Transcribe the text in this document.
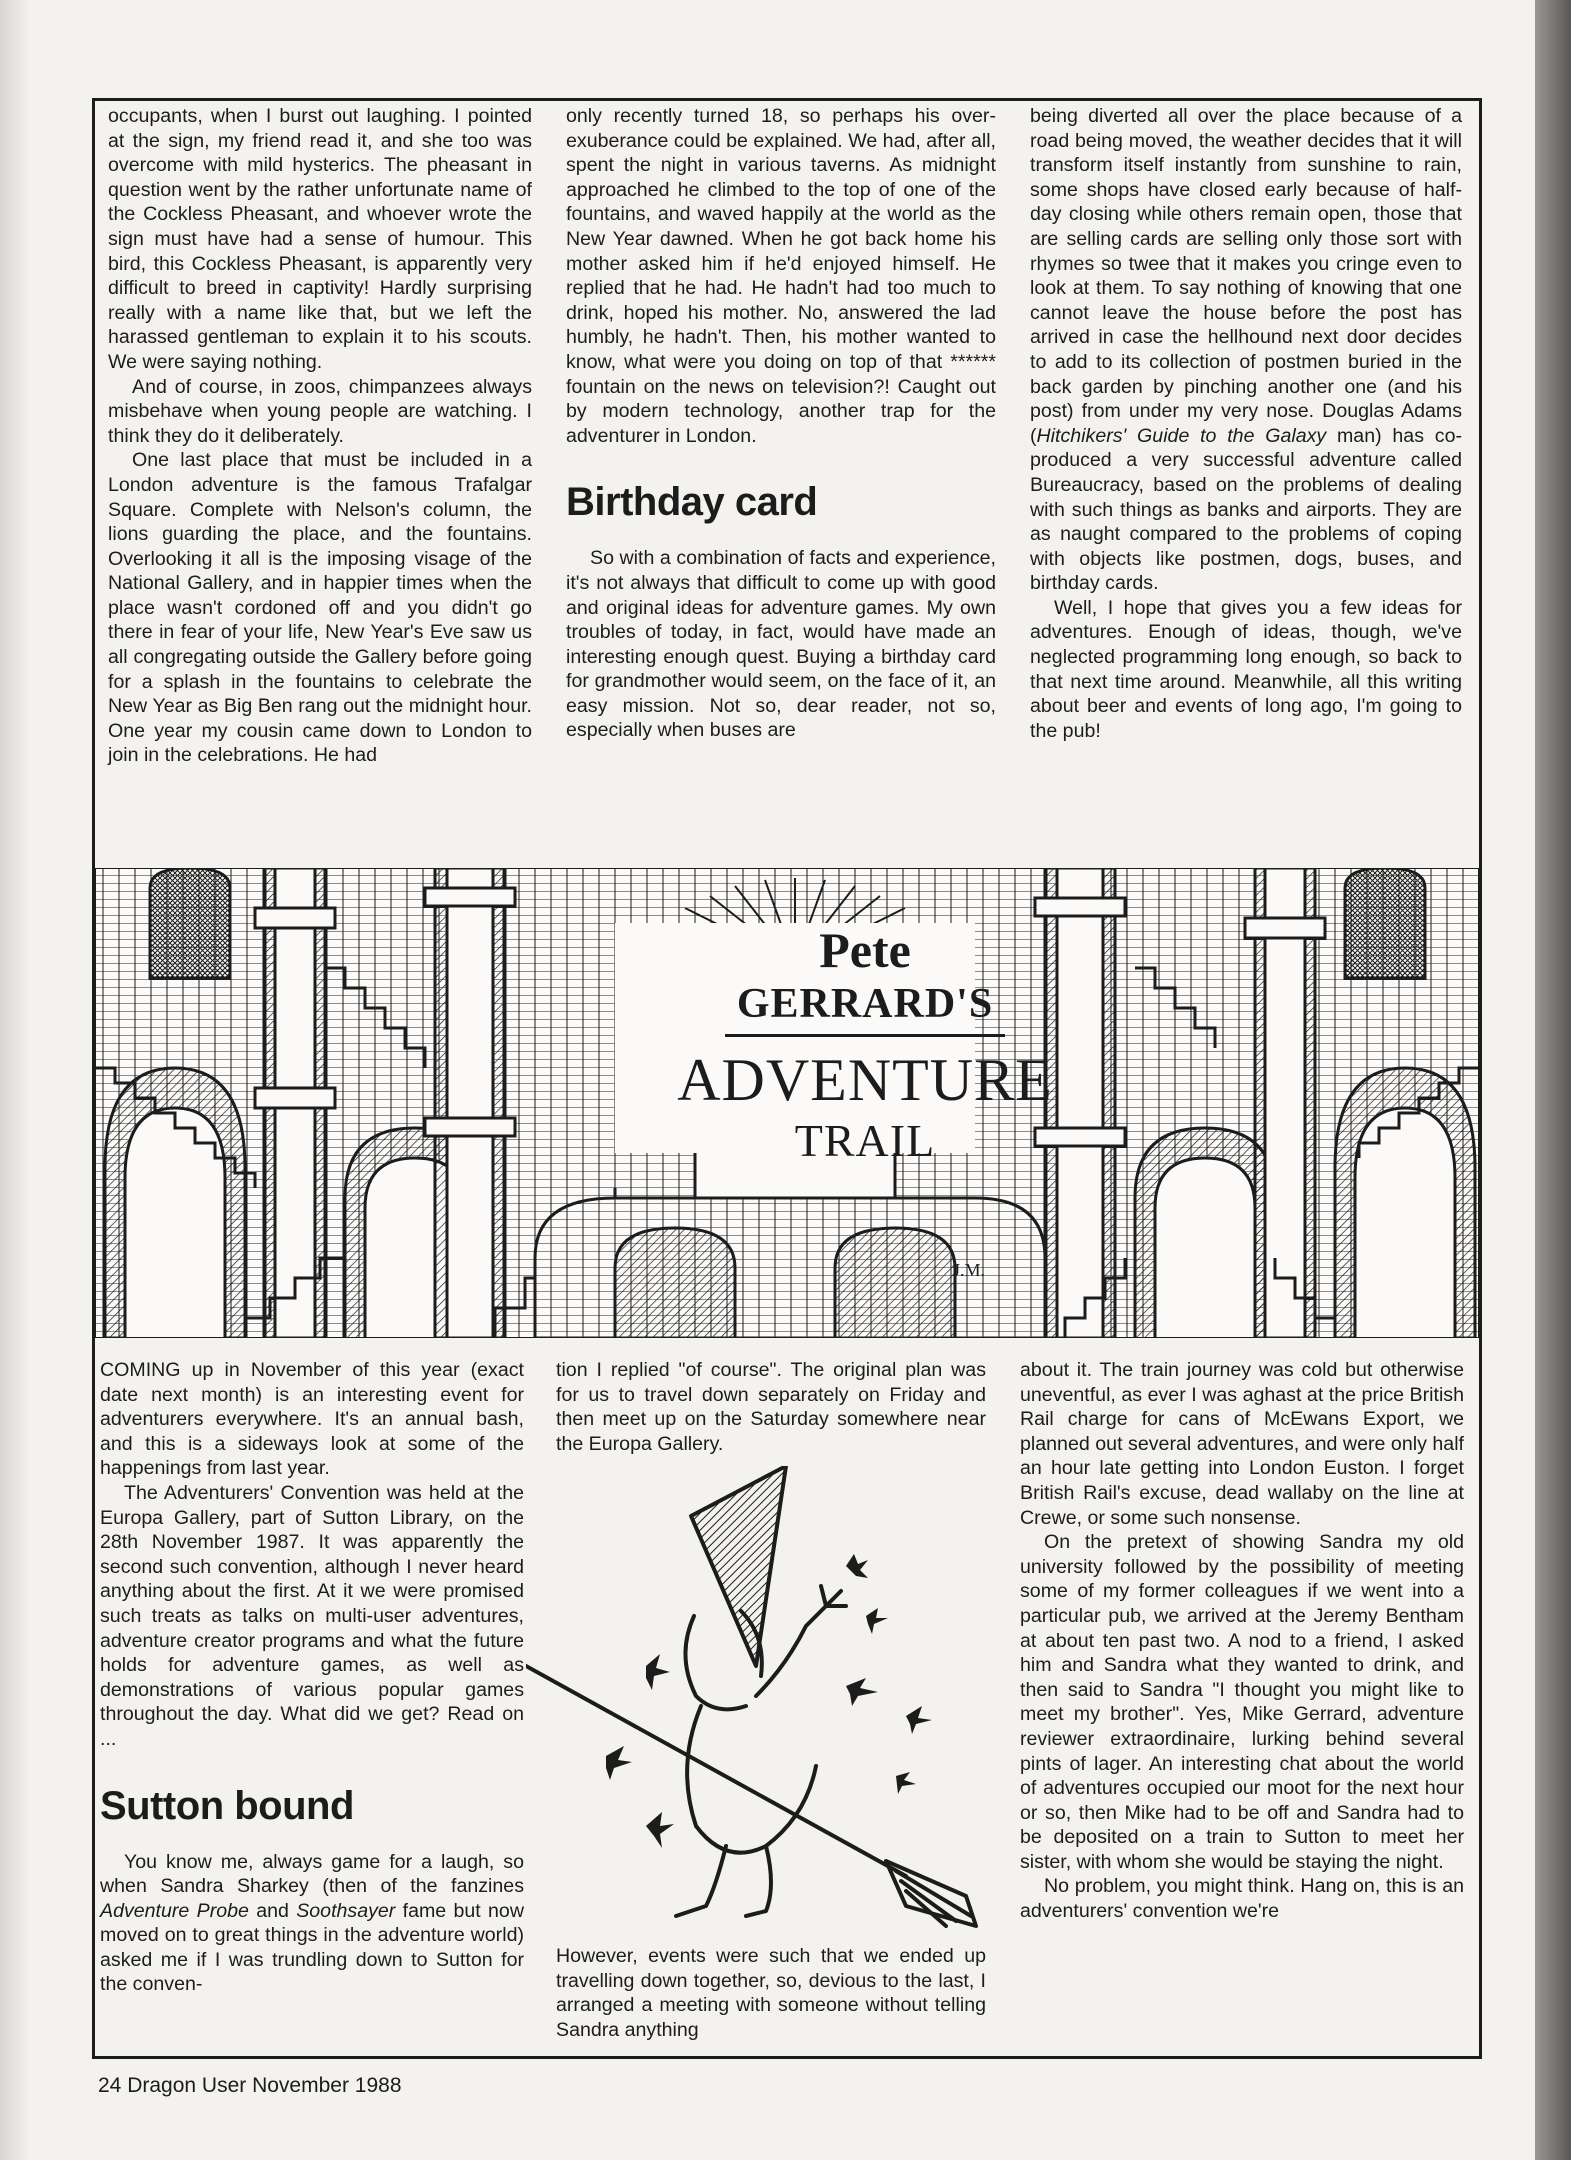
occupants, when I burst out laughing. I pointed at the sign, my friend read it, and she too was overcome with mild hysterics. The pheasant in question went by the rather unfortunate name of the Cockless Pheasant, and whoever wrote the sign must have had a sense of humour. This bird, this Cockless Pheasant, is apparently very difficult to breed in captivity! Hardly surprising really with a name like that, but we left the harassed gentleman to explain it to his scouts. We were saying nothing.

And of course, in zoos, chimpanzees always misbehave when young people are watching. I think they do it deliberately.

One last place that must be included in a London adventure is the famous Trafalgar Square. Complete with Nelson's column, the lions guarding the place, and the fountains. Overlooking it all is the imposing visage of the National Gallery, and in happier times when the place wasn't cordoned off and you didn't go there in fear of your life, New Year's Eve saw us all congregating outside the Gallery before going for a splash in the fountains to celebrate the New Year as Big Ben rang out the midnight hour. One year my cousin came down to London to join in the celebrations. He had

only recently turned 18, so perhaps his over-exuberance could be explained. We had, after all, spent the night in various taverns. As midnight approached he climbed to the top of one of the fountains, and waved happily at the world as the New Year dawned. When he got back home his mother asked him if he'd enjoyed himself. He replied that he had. He hadn't had too much to drink, hoped his mother. No, answered the lad humbly, he hadn't. Then, his mother wanted to know, what were you doing on top of that ****** fountain on the news on television?! Caught out by modern technology, another trap for the adventurer in London.

Birthday card

So with a combination of facts and experience, it's not always that difficult to come up with good and original ideas for adventure games. My own troubles of today, in fact, would have made an interesting enough quest. Buying a birthday card for grandmother would seem, on the face of it, an easy mission. Not so, dear reader, not so, especially when buses are

being diverted all over the place because of a road being moved, the weather decides that it will transform itself instantly from sunshine to rain, some shops have closed early because of half-day closing while others remain open, those that are selling cards are selling only those sort with rhymes so twee that it makes you cringe even to look at them. To say nothing of knowing that one cannot leave the house before the post has arrived in case the hellhound next door decides to add to its collection of postmen buried in the back garden by pinching another one (and his post) from under my very nose. Douglas Adams (Hitchikers' Guide to the Galaxy man) has co-produced a very successful adventure called Bureaucracy, based on the problems of dealing with such things as banks and airports. They are as naught compared to the problems of coping with objects like postmen, dogs, buses, and birthday cards.

Well, I hope that gives you a few ideas for adventures. Enough of ideas, though, we've neglected programming long enough, so back to that next time around. Meanwhile, all this writing about beer and events of long ago, I'm going to the pub!

Pete
GERRARD'S
ADVENTURE
TRAIL
J.M.

COMING up in November of this year (exact date next month) is an interesting event for adventurers everywhere. It's an annual bash, and this is a sideways look at some of the happenings from last year.

The Adventurers' Convention was held at the Europa Gallery, part of Sutton Library, on the 28th November 1987. It was apparently the second such convention, although I never heard anything about the first. At it we were promised such treats as talks on multi-user adventures, adventure creator programs and what the future holds for adventure games, as well as demonstrations of various popular games throughout the day. What did we get? Read on ...

Sutton bound

You know me, always game for a laugh, so when Sandra Sharkey (then of the fanzines Adventure Probe and Soothsayer fame but now moved on to great things in the adventure world) asked me if I was trundling down to Sutton for the conven-

tion I replied "of course". The original plan was for us to travel down separately on Friday and then meet up on the Saturday somewhere near the Europa Gallery.

However, events were such that we ended up travelling down together, so, devious to the last, I arranged a meeting with someone without telling Sandra anything

about it. The train journey was cold but otherwise uneventful, as ever I was aghast at the price British Rail charge for cans of McEwans Export, we planned out several adventures, and were only half an hour late getting into London Euston. I forget British Rail's excuse, dead wallaby on the line at Crewe, or some such nonsense.

On the pretext of showing Sandra my old university followed by the possibility of meeting some of my former colleagues if we went into a particular pub, we arrived at the Jeremy Bentham at about ten past two. A nod to a friend, I asked him and Sandra what they wanted to drink, and then said to Sandra "I thought you might like to meet my brother". Yes, Mike Gerrard, adventure reviewer extraordinaire, lurking behind several pints of lager. An interesting chat about the world of adventures occupied our moot for the next hour or so, then Mike had to be off and Sandra had to be deposited on a train to Sutton to meet her sister, with whom she would be staying the night.

No problem, you might think. Hang on, this is an adventurers' convention we're

24 Dragon User November 1988
